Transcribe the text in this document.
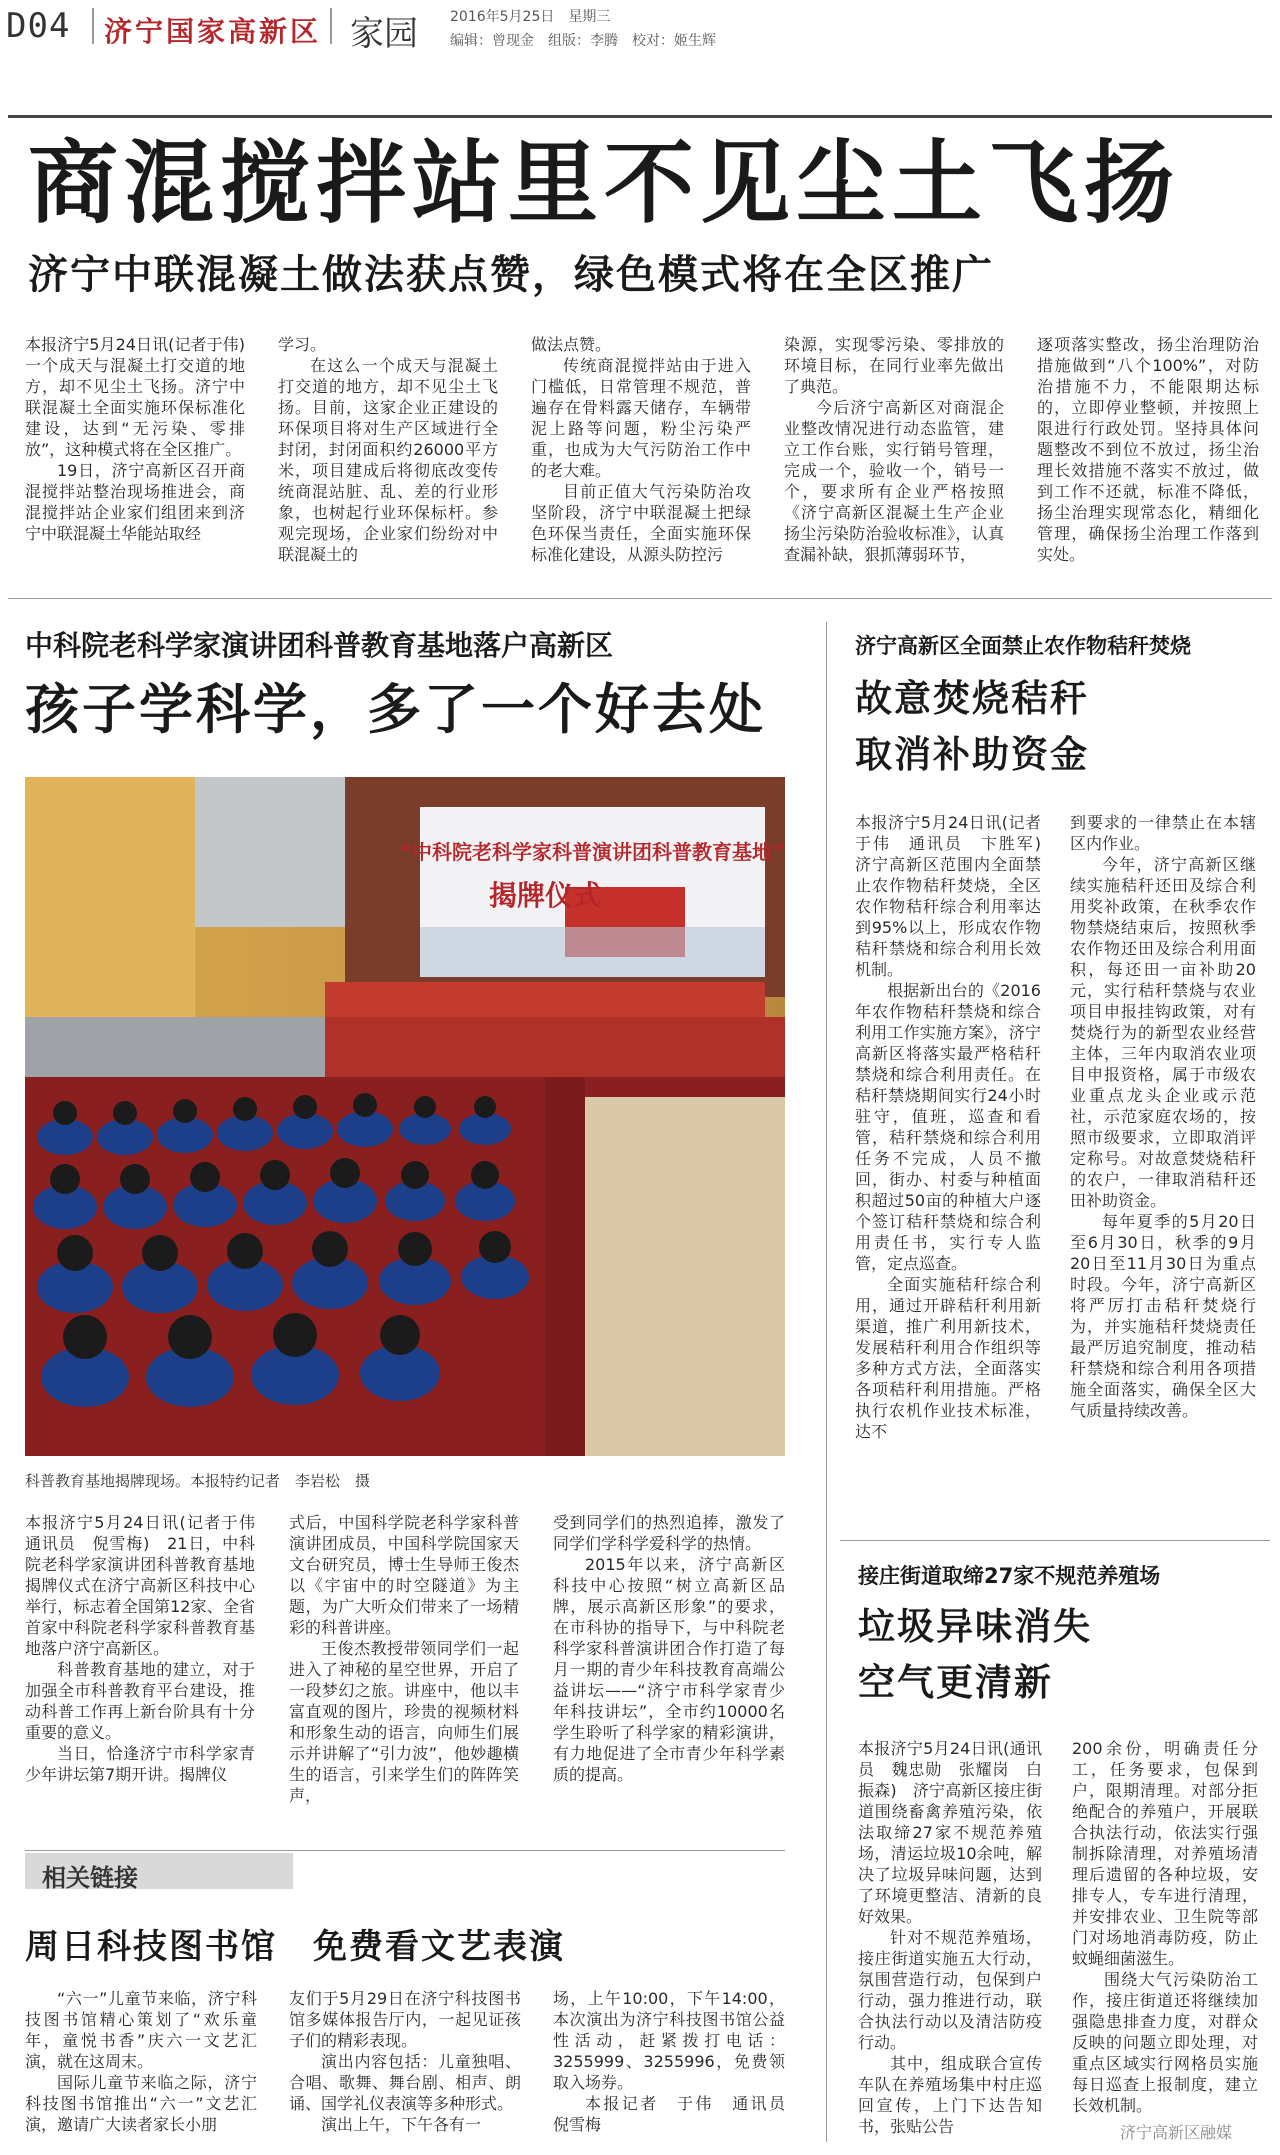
D04 济宁国家高新区 家园 2016年5月25日　星期三
编辑：曾现金　组版：李腾　校对：姬生辉
商混搅拌站里不见尘土飞扬
济宁中联混凝土做法获点赞，绿色模式将在全区推广

本报济宁5月24日讯(记者于伟)　一个成天与混凝土打交道的地方，却不见尘土飞扬。济宁中联混凝土全面实施环保标准化建设，达到“无污染、零排放”，这种模式将在全区推广。

19日，济宁高新区召开商混搅拌站整治现场推进会，商混搅拌站企业家们组团来到济宁中联混凝土华能站取经

学习。

在这么一个成天与混凝土打交道的地方，却不见尘土飞扬。目前，这家企业正建设的环保项目将对生产区域进行全封闭，封闭面积约26000平方米，项目建成后将彻底改变传统商混站脏、乱、差的行业形象，也树起行业环保标杆。参观完现场，企业家们纷纷对中联混凝土的

做法点赞。

传统商混搅拌站由于进入门槛低，日常管理不规范，普遍存在骨料露天储存，车辆带泥上路等问题，粉尘污染严重，也成为大气污防治工作中的老大难。

目前正值大气污染防治攻坚阶段，济宁中联混凝土把绿色环保当责任，全面实施环保标准化建设，从源头防控污

染源，实现零污染、零排放的环境目标，在同行业率先做出了典范。

今后济宁高新区对商混企业整改情况进行动态监管，建立工作台账，实行销号管理，完成一个，验收一个，销号一个，要求所有企业严格按照《济宁高新区混凝土生产企业扬尘污染防治验收标准》，认真查漏补缺，狠抓薄弱环节，

逐项落实整改，扬尘治理防治措施做到“八个100%”，对防治措施不力，不能限期达标的，立即停业整顿，并按照上限进行行政处罚。坚持具体问题整改不到位不放过，扬尘治理长效措施不落实不放过，做到工作不还就，标准不降低，扬尘治理实现常态化，精细化管理，确保扬尘治理工作落到实处。

中科院老科学家演讲团科普教育基地落户高新区
孩子学科学，多了一个好去处
“中科院老科学家科普演讲团科普教育基地”
揭牌仪式
科普教育基地揭牌现场。本报特约记者　李岩松　摄

本报济宁5月24日讯(记者于伟　通讯员　倪雪梅)　21日，中科院老科学家演讲团科普教育基地揭牌仪式在济宁高新区科技中心举行，标志着全国第12家、全省首家中科院老科学家科普教育基地落户济宁高新区。

科普教育基地的建立，对于加强全市科普教育平台建设，推动科普工作再上新台阶具有十分重要的意义。

当日，恰逢济宁市科学家青少年讲坛第7期开讲。揭牌仪

式后，中国科学院老科学家科普演讲团成员，中国科学院国家天文台研究员，博士生导师王俊杰以《宇宙中的时空隧道》为主题，为广大听众们带来了一场精彩的科普讲座。

王俊杰教授带领同学们一起进入了神秘的星空世界，开启了一段梦幻之旅。讲座中，他以丰富直观的图片，珍贵的视频材料和形象生动的语言，向师生们展示并讲解了“引力波”，他妙趣横生的语言，引来学生们的阵阵笑声，

受到同学们的热烈追捧，激发了同学们学科学爱科学的热情。

2015年以来，济宁高新区科技中心按照“树立高新区品牌，展示高新区形象”的要求，在市科协的指导下，与中科院老科学家科普演讲团合作打造了每月一期的青少年科技教育高端公益讲坛——“济宁市科学家青少年科技讲坛”，全市约10000名学生聆听了科学家的精彩演讲，有力地促进了全市青少年科学素质的提高。

济宁高新区全面禁止农作物秸秆焚烧
故意焚烧秸秆
取消补助资金

本报济宁5月24日讯(记者　于伟　通讯员　卞胜军)　济宁高新区范围内全面禁止农作物秸秆焚烧，全区农作物秸秆综合利用率达到95%以上，形成农作物秸秆禁烧和综合利用长效机制。

根据新出台的《2016年农作物秸秆禁烧和综合利用工作实施方案》，济宁高新区将落实最严格秸秆禁烧和综合利用责任。在秸秆禁烧期间实行24小时驻守，值班，巡查和看管，秸秆禁烧和综合利用任务不完成，人员不撤回，街办、村委与种植面积超过50亩的种植大户逐个签订秸秆禁烧和综合利用责任书，实行专人监管，定点巡查。

全面实施秸秆综合利用，通过开辟秸秆利用新渠道，推广利用新技术，发展秸秆利用合作组织等多种方式方法，全面落实各项秸秆利用措施。严格执行农机作业技术标准，达不

到要求的一律禁止在本辖区内作业。

今年，济宁高新区继续实施秸秆还田及综合利用奖补政策，在秋季农作物禁烧结束后，按照秋季农作物还田及综合利用面积，每还田一亩补助20元，实行秸秆禁烧与农业项目申报挂钩政策，对有焚烧行为的新型农业经营主体，三年内取消农业项目申报资格，属于市级农业重点龙头企业或示范社，示范家庭农场的，按照市级要求，立即取消评定称号。对故意焚烧秸秆的农户，一律取消秸秆还田补助资金。

每年夏季的5月20日至6月30日，秋季的9月20日至11月30日为重点时段。今年，济宁高新区将严厉打击秸秆焚烧行为，并实施秸秆焚烧责任最严厉追究制度，推动秸秆禁烧和综合利用各项措施全面落实，确保全区大气质量持续改善。

接庄街道取缔27家不规范养殖场
垃圾异味消失
空气更清新

本报济宁5月24日讯(通讯员　魏忠勋　张耀岗　白振森)　济宁高新区接庄街道围绕畜禽养殖污染，依法取缔27家不规范养殖场，清运垃圾10余吨，解决了垃圾异味问题，达到了环境更整洁、清新的良好效果。

针对不规范养殖场，接庄街道实施五大行动，氛围营造行动，包保到户行动，强力推进行动，联合执法行动以及清洁防疫行动。

其中，组成联合宣传车队在养殖场集中村庄巡回宣传，上门下达告知书，张贴公告

200余份，明确责任分工，任务要求，包保到户，限期清理。对部分拒绝配合的养殖户，开展联合执法行动，依法实行强制拆除清理，对养殖场清理后遗留的各种垃圾，安排专人，专车进行清理，并安排农业、卫生院等部门对场地消毒防疫，防止蚊蝇细菌滋生。

围绕大气污染防治工作，接庄街道还将继续加强隐患排查力度，对群众反映的问题立即处理，对重点区域实行网格员实施每日巡查上报制度，建立长效机制。

相关链接
周日科技图书馆　免费看文艺表演

“六一”儿童节来临，济宁科技图书馆精心策划了“欢乐童年，童悦书香”庆六一文艺汇演，就在这周末。

国际儿童节来临之际，济宁科技图书馆推出“六一”文艺汇演，邀请广大读者家长小朋

友们于5月29日在济宁科技图书馆多媒体报告厅内，一起见证孩子们的精彩表现。

演出内容包括：儿童独唱、合唱、歌舞、舞台剧、相声、朗诵、国学礼仪表演等多种形式。

演出上午，下午各有一

场，上午10:00，下午14:00，本次演出为济宁科技图书馆公益性活动，赶紧拨打电话：3255999、3255996，免费领取入场券。

本报记者　于伟　通讯员　倪雪梅	济宁高新区融媒
